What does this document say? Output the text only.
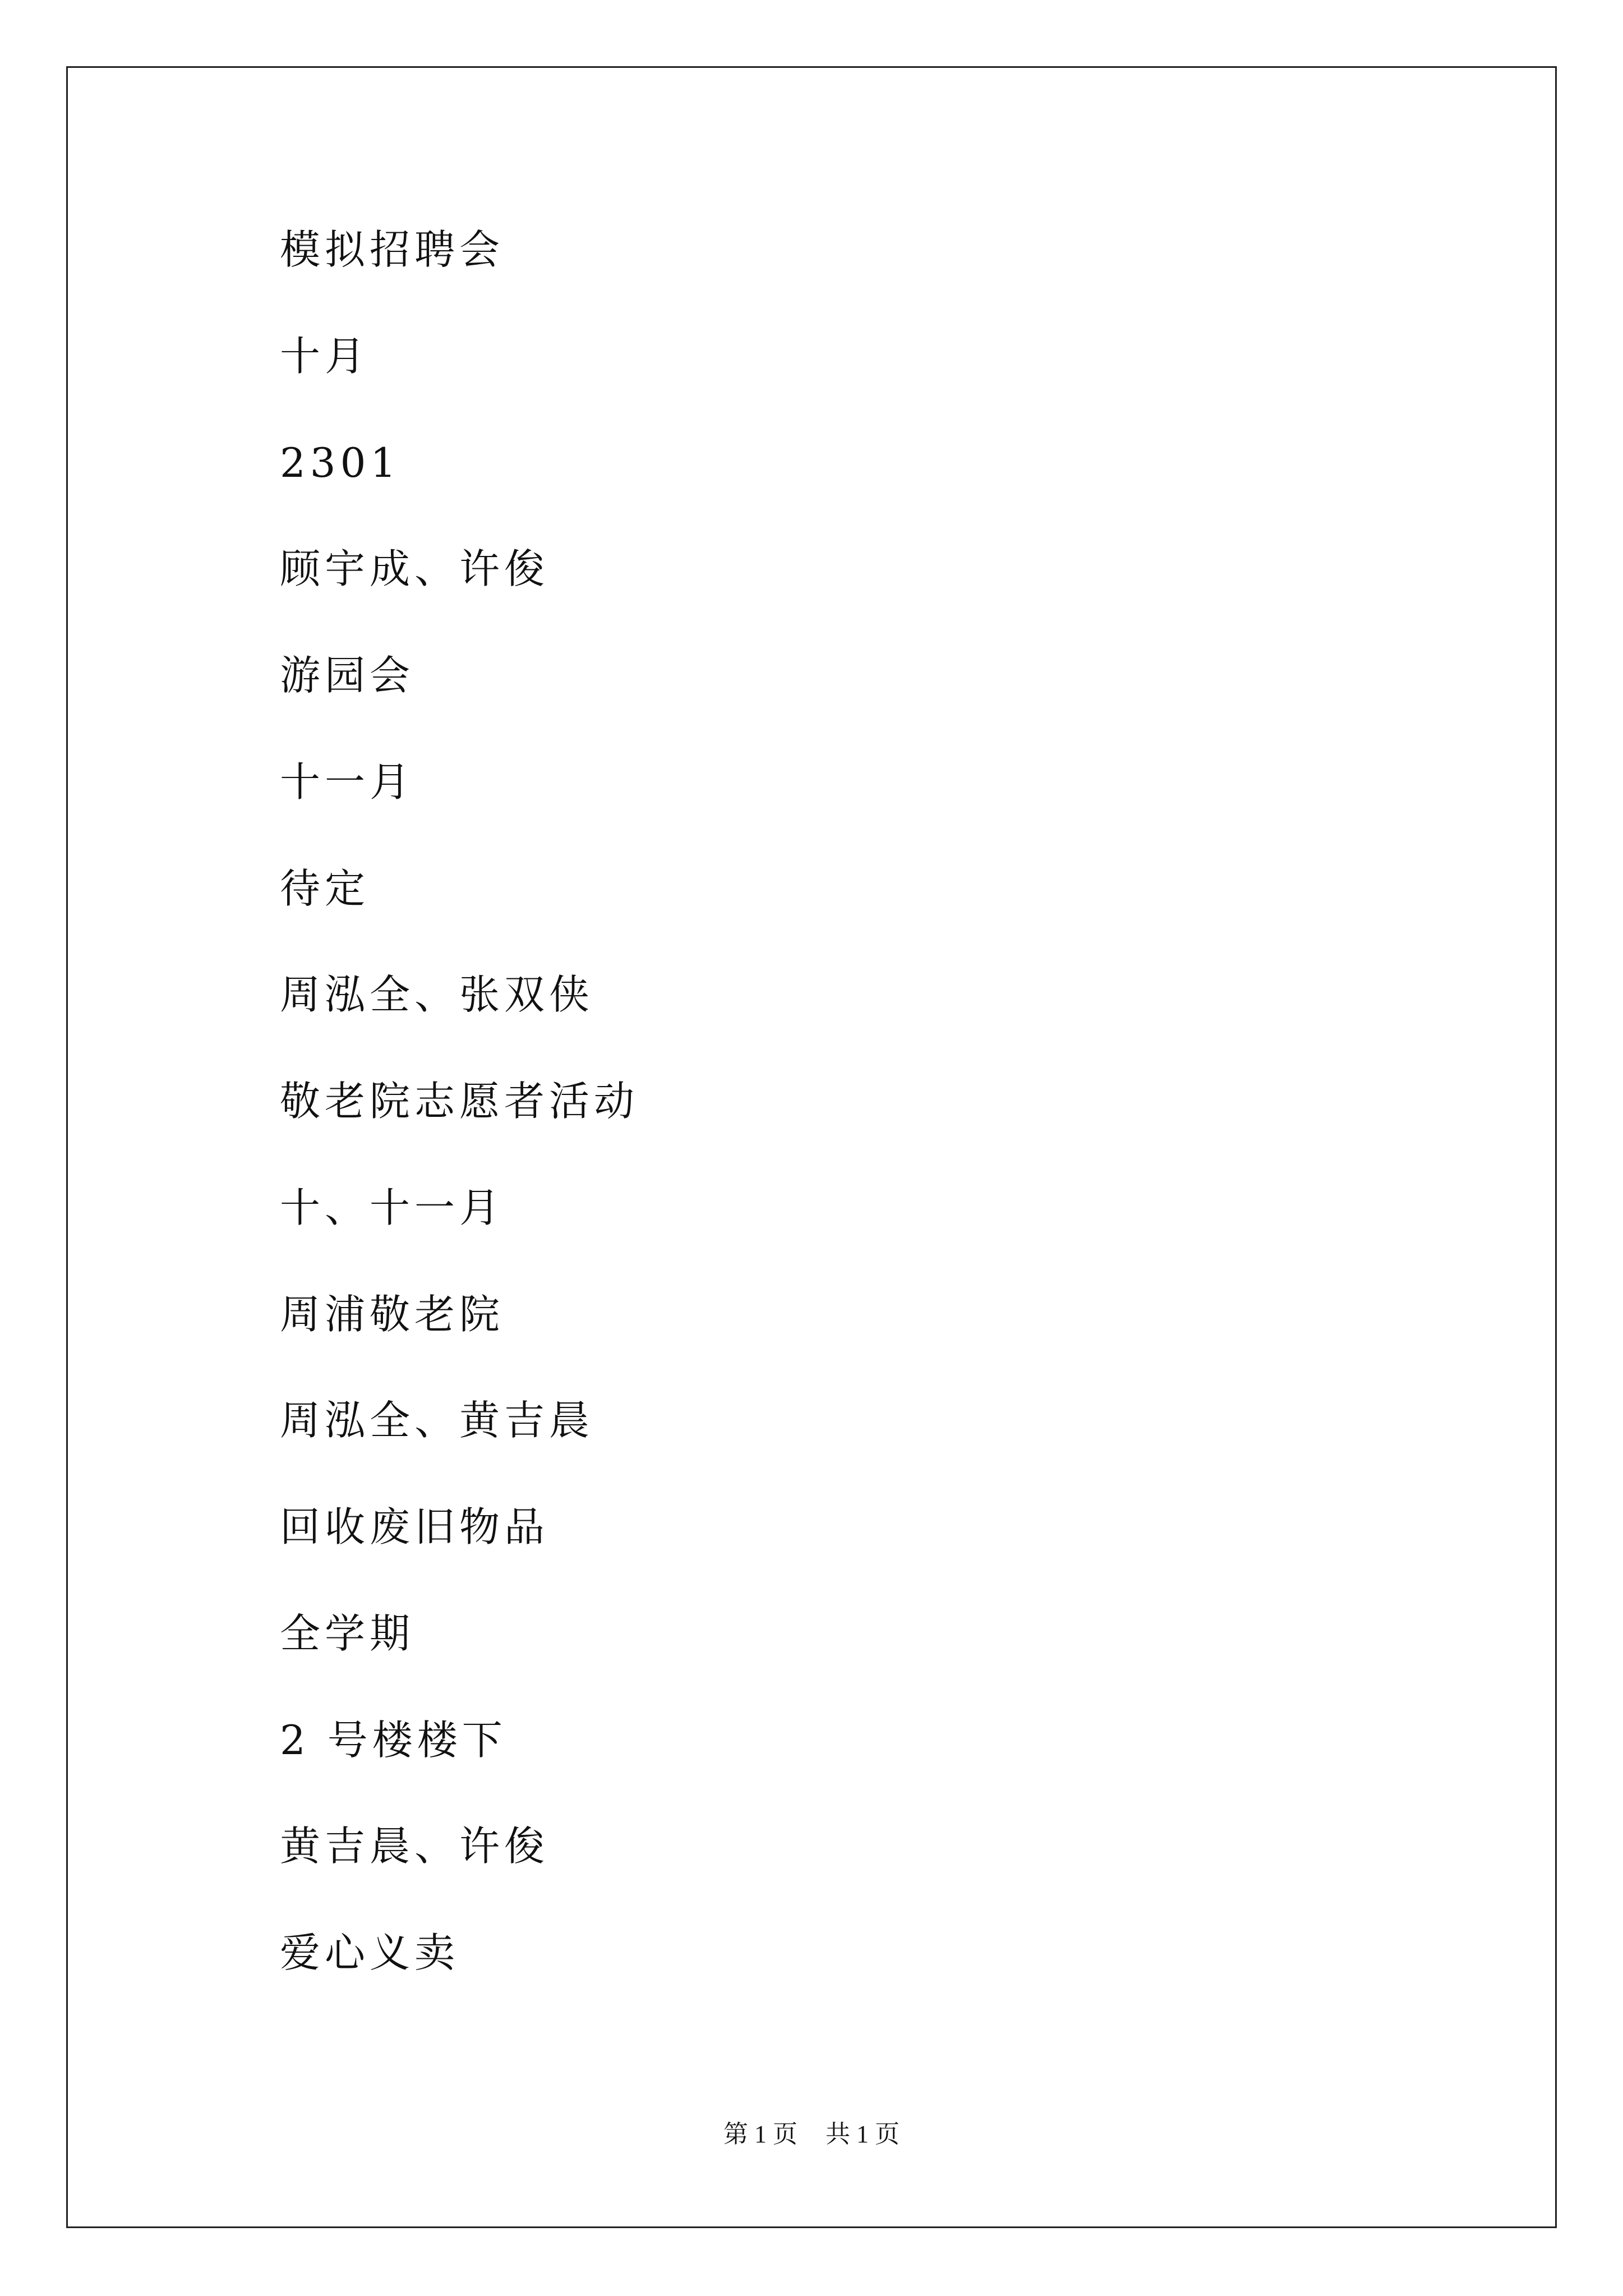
模拟招聘会
十月
2301
顾宇成、许俊
游园会
十一月
待定
周泓全、张双侠
敬老院志愿者活动
十、十一月
周浦敬老院
周泓全、黄吉晨
回收废旧物品
全学期
2 号楼楼下
黄吉晨、许俊
爱心义卖
第 1 页 共 1 页
